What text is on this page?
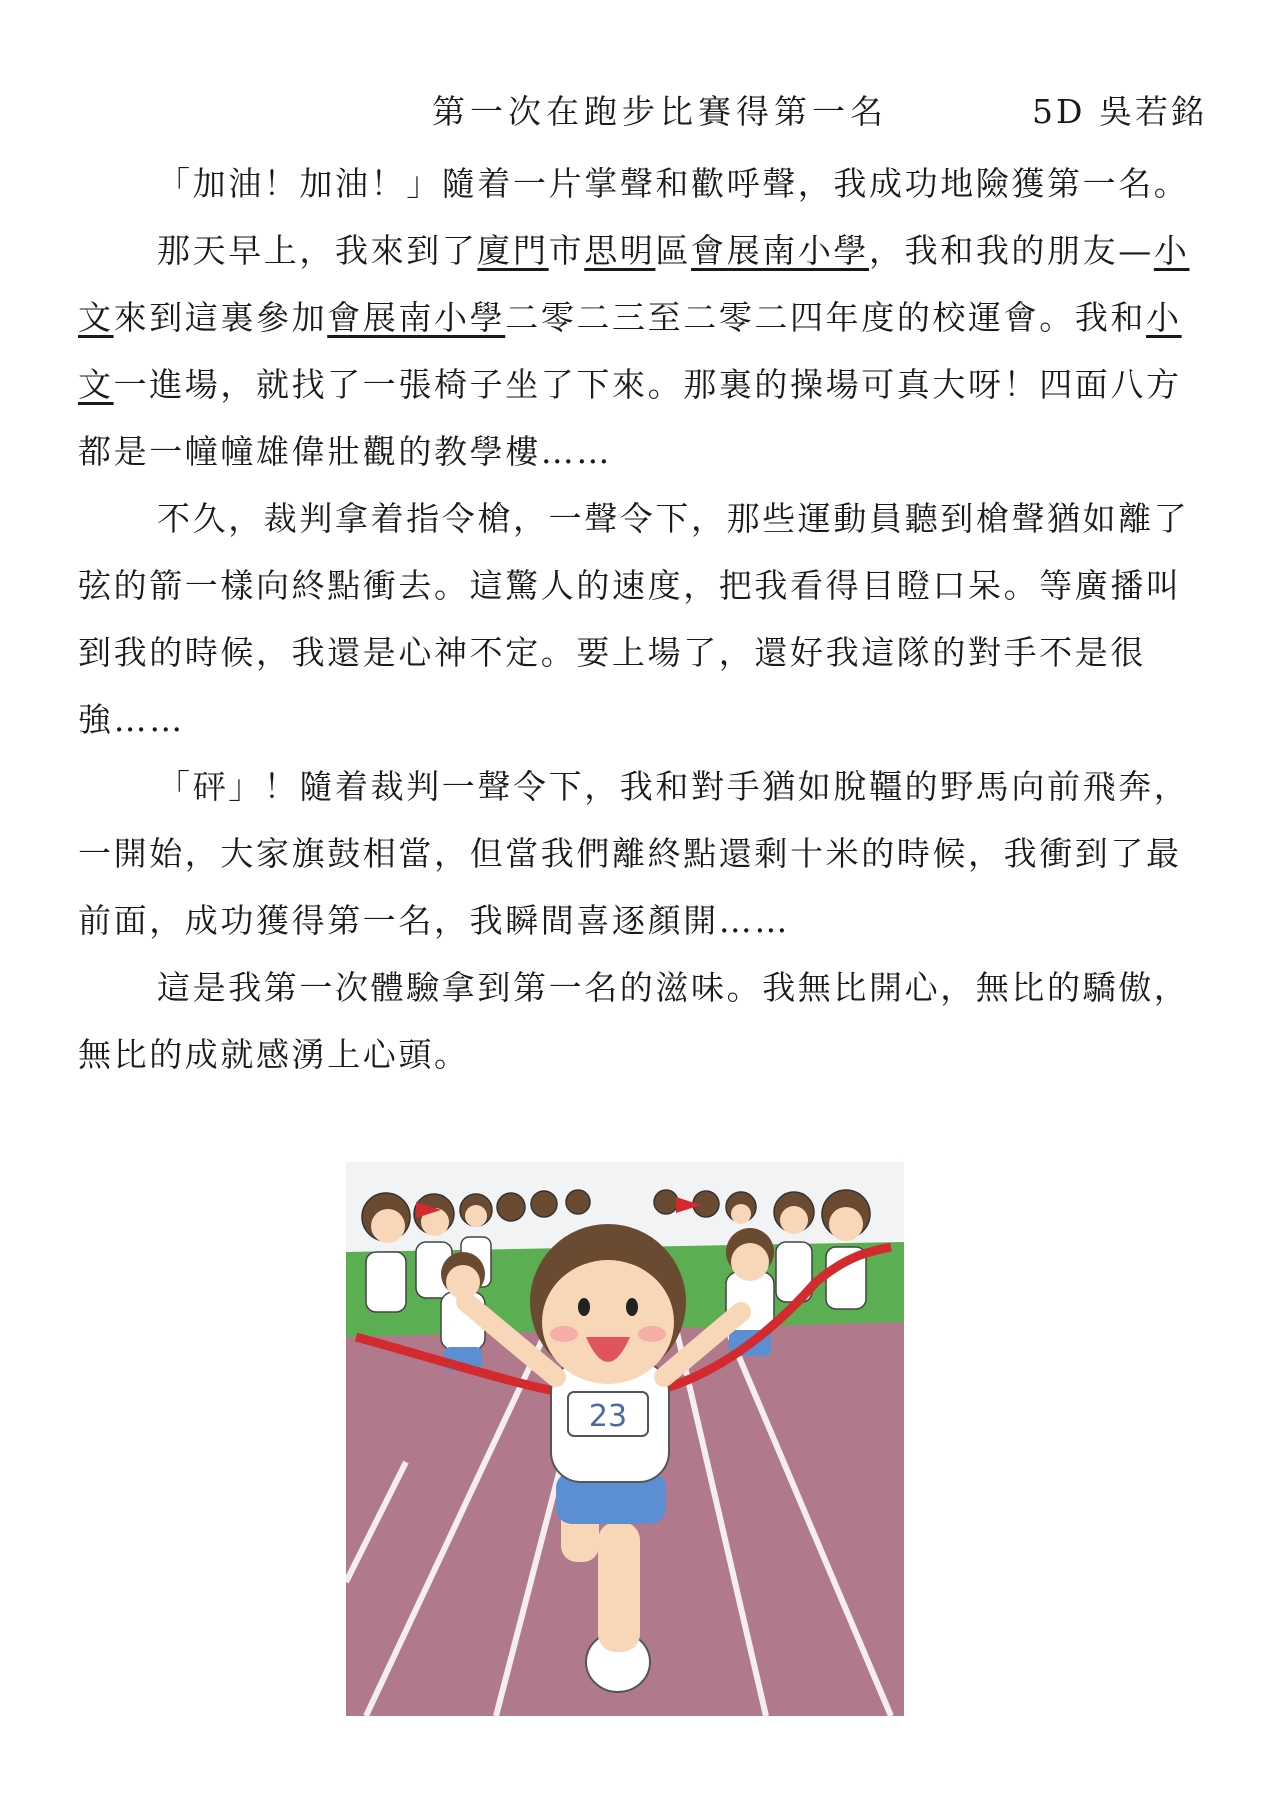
第一次在跑步比賽得第一名	5D 吳若銘

「加油！加油！」隨着一片掌聲和歡呼聲，我成功地險獲第一名。

那天早上，我來到了廈門市思明區會展南小學，我和我的朋友—小文來到這裏參加會展南小學二零二三至二零二四年度的校運會。我和小文一進場，就找了一張椅子坐了下來。那裏的操場可真大呀！四面八方都是一幢幢雄偉壯觀的教學樓……

不久，裁判拿着指令槍，一聲令下，那些運動員聽到槍聲猶如離了弦的箭一樣向終點衝去。這驚人的速度，把我看得目瞪口呆。等廣播叫到我的時候，我還是心神不定。要上場了，還好我這隊的對手不是很強……

「砰」！隨着裁判一聲令下，我和對手猶如脫韁的野馬向前飛奔，一開始，大家旗鼓相當，但當我們離終點還剩十米的時候，我衝到了最前面，成功獲得第一名，我瞬間喜逐顏開……

這是我第一次體驗拿到第一名的滋味。我無比開心，無比的驕傲，無比的成就感湧上心頭。

23
